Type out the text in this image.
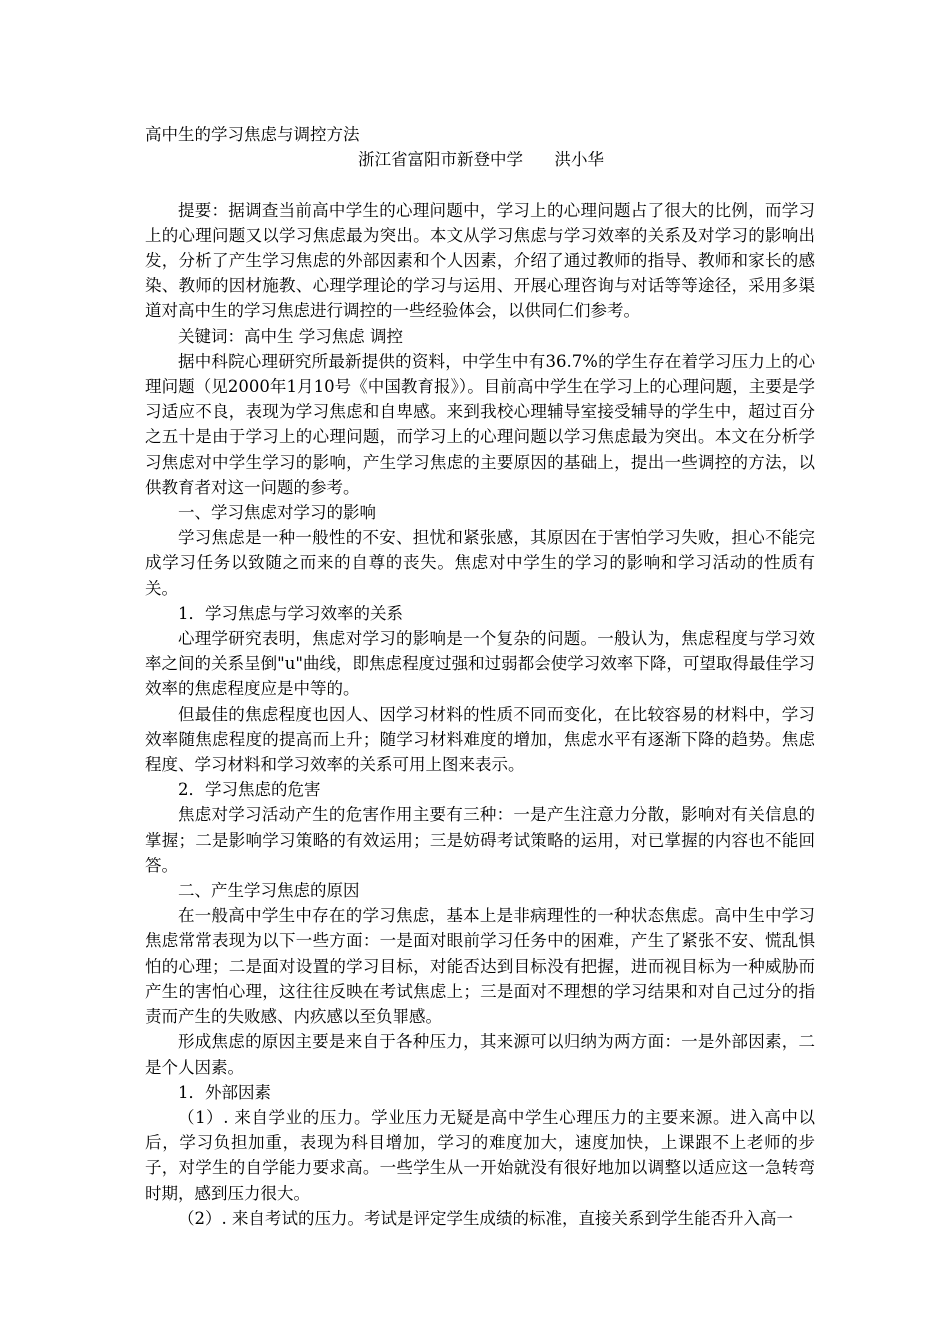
高中生的学习焦虑与调控方法
浙江省富阳市新登中学      洪小华

提要：据调查当前高中学生的心理问题中，学习上的心理问题占了很大的比例，而学习上的心理问题又以学习焦虑最为突出。本文从学习焦虑与学习效率的关系及对学习的影响出发，分析了产生学习焦虑的外部因素和个人因素，介绍了通过教师的指导、教师和家长的感染、教师的因材施教、心理学理论的学习与运用、开展心理咨询与对话等等途径，采用多渠道对高中生的学习焦虑进行调控的一些经验体会，以供同仁们参考。

关键词：高中生 学习焦虑 调控

据中科院心理研究所最新提供的资料，中学生中有36.7%的学生存在着学习压力上的心理问题（见2000年1月10号《中国教育报》）。目前高中学生在学习上的心理问题，主要是学习适应不良，表现为学习焦虑和自卑感。来到我校心理辅导室接受辅导的学生中，超过百分之五十是由于学习上的心理问题，而学习上的心理问题以学习焦虑最为突出。本文在分析学习焦虑对中学生学习的影响，产生学习焦虑的主要原因的基础上，提出一些调控的方法，以供教育者对这一问题的参考。

一、学习焦虑对学习的影响

学习焦虑是一种一般性的不安、担忧和紧张感，其原因在于害怕学习失败，担心不能完成学习任务以致随之而来的自尊的丧失。焦虑对中学生的学习的影响和学习活动的性质有关。

1．学习焦虑与学习效率的关系

心理学研究表明，焦虑对学习的影响是一个复杂的问题。一般认为，焦虑程度与学习效率之间的关系呈倒"u"曲线，即焦虑程度过强和过弱都会使学习效率下降，可望取得最佳学习效率的焦虑程度应是中等的。

但最佳的焦虑程度也因人、因学习材料的性质不同而变化，在比较容易的材料中，学习效率随焦虑程度的提高而上升；随学习材料难度的增加，焦虑水平有逐渐下降的趋势。焦虑程度、学习材料和学习效率的关系可用上图来表示。

2．学习焦虑的危害

焦虑对学习活动产生的危害作用主要有三种：一是产生注意力分散，影响对有关信息的掌握；二是影响学习策略的有效运用；三是妨碍考试策略的运用，对已掌握的内容也不能回答。

二、产生学习焦虑的原因

在一般高中学生中存在的学习焦虑，基本上是非病理性的一种状态焦虑。高中生中学习焦虑常常表现为以下一些方面：一是面对眼前学习任务中的困难，产生了紧张不安、慌乱惧怕的心理；二是面对设置的学习目标，对能否达到目标没有把握，进而视目标为一种威胁而产生的害怕心理，这往往反映在考试焦虑上；三是面对不理想的学习结果和对自己过分的指责而产生的失败感、内疚感以至负罪感。

形成焦虑的原因主要是来自于各种压力，其来源可以归纳为两方面：一是外部因素，二是个人因素。

1．外部因素

（1）. 来自学业的压力。学业压力无疑是高中学生心理压力的主要来源。进入高中以后，学习负担加重，表现为科目增加，学习的难度加大，速度加快，上课跟不上老师的步子，对学生的自学能力要求高。一些学生从一开始就没有很好地加以调整以适应这一急转弯时期，感到压力很大。

（2）. 来自考试的压力。考试是评定学生成绩的标准，直接关系到学生能否升入高一
